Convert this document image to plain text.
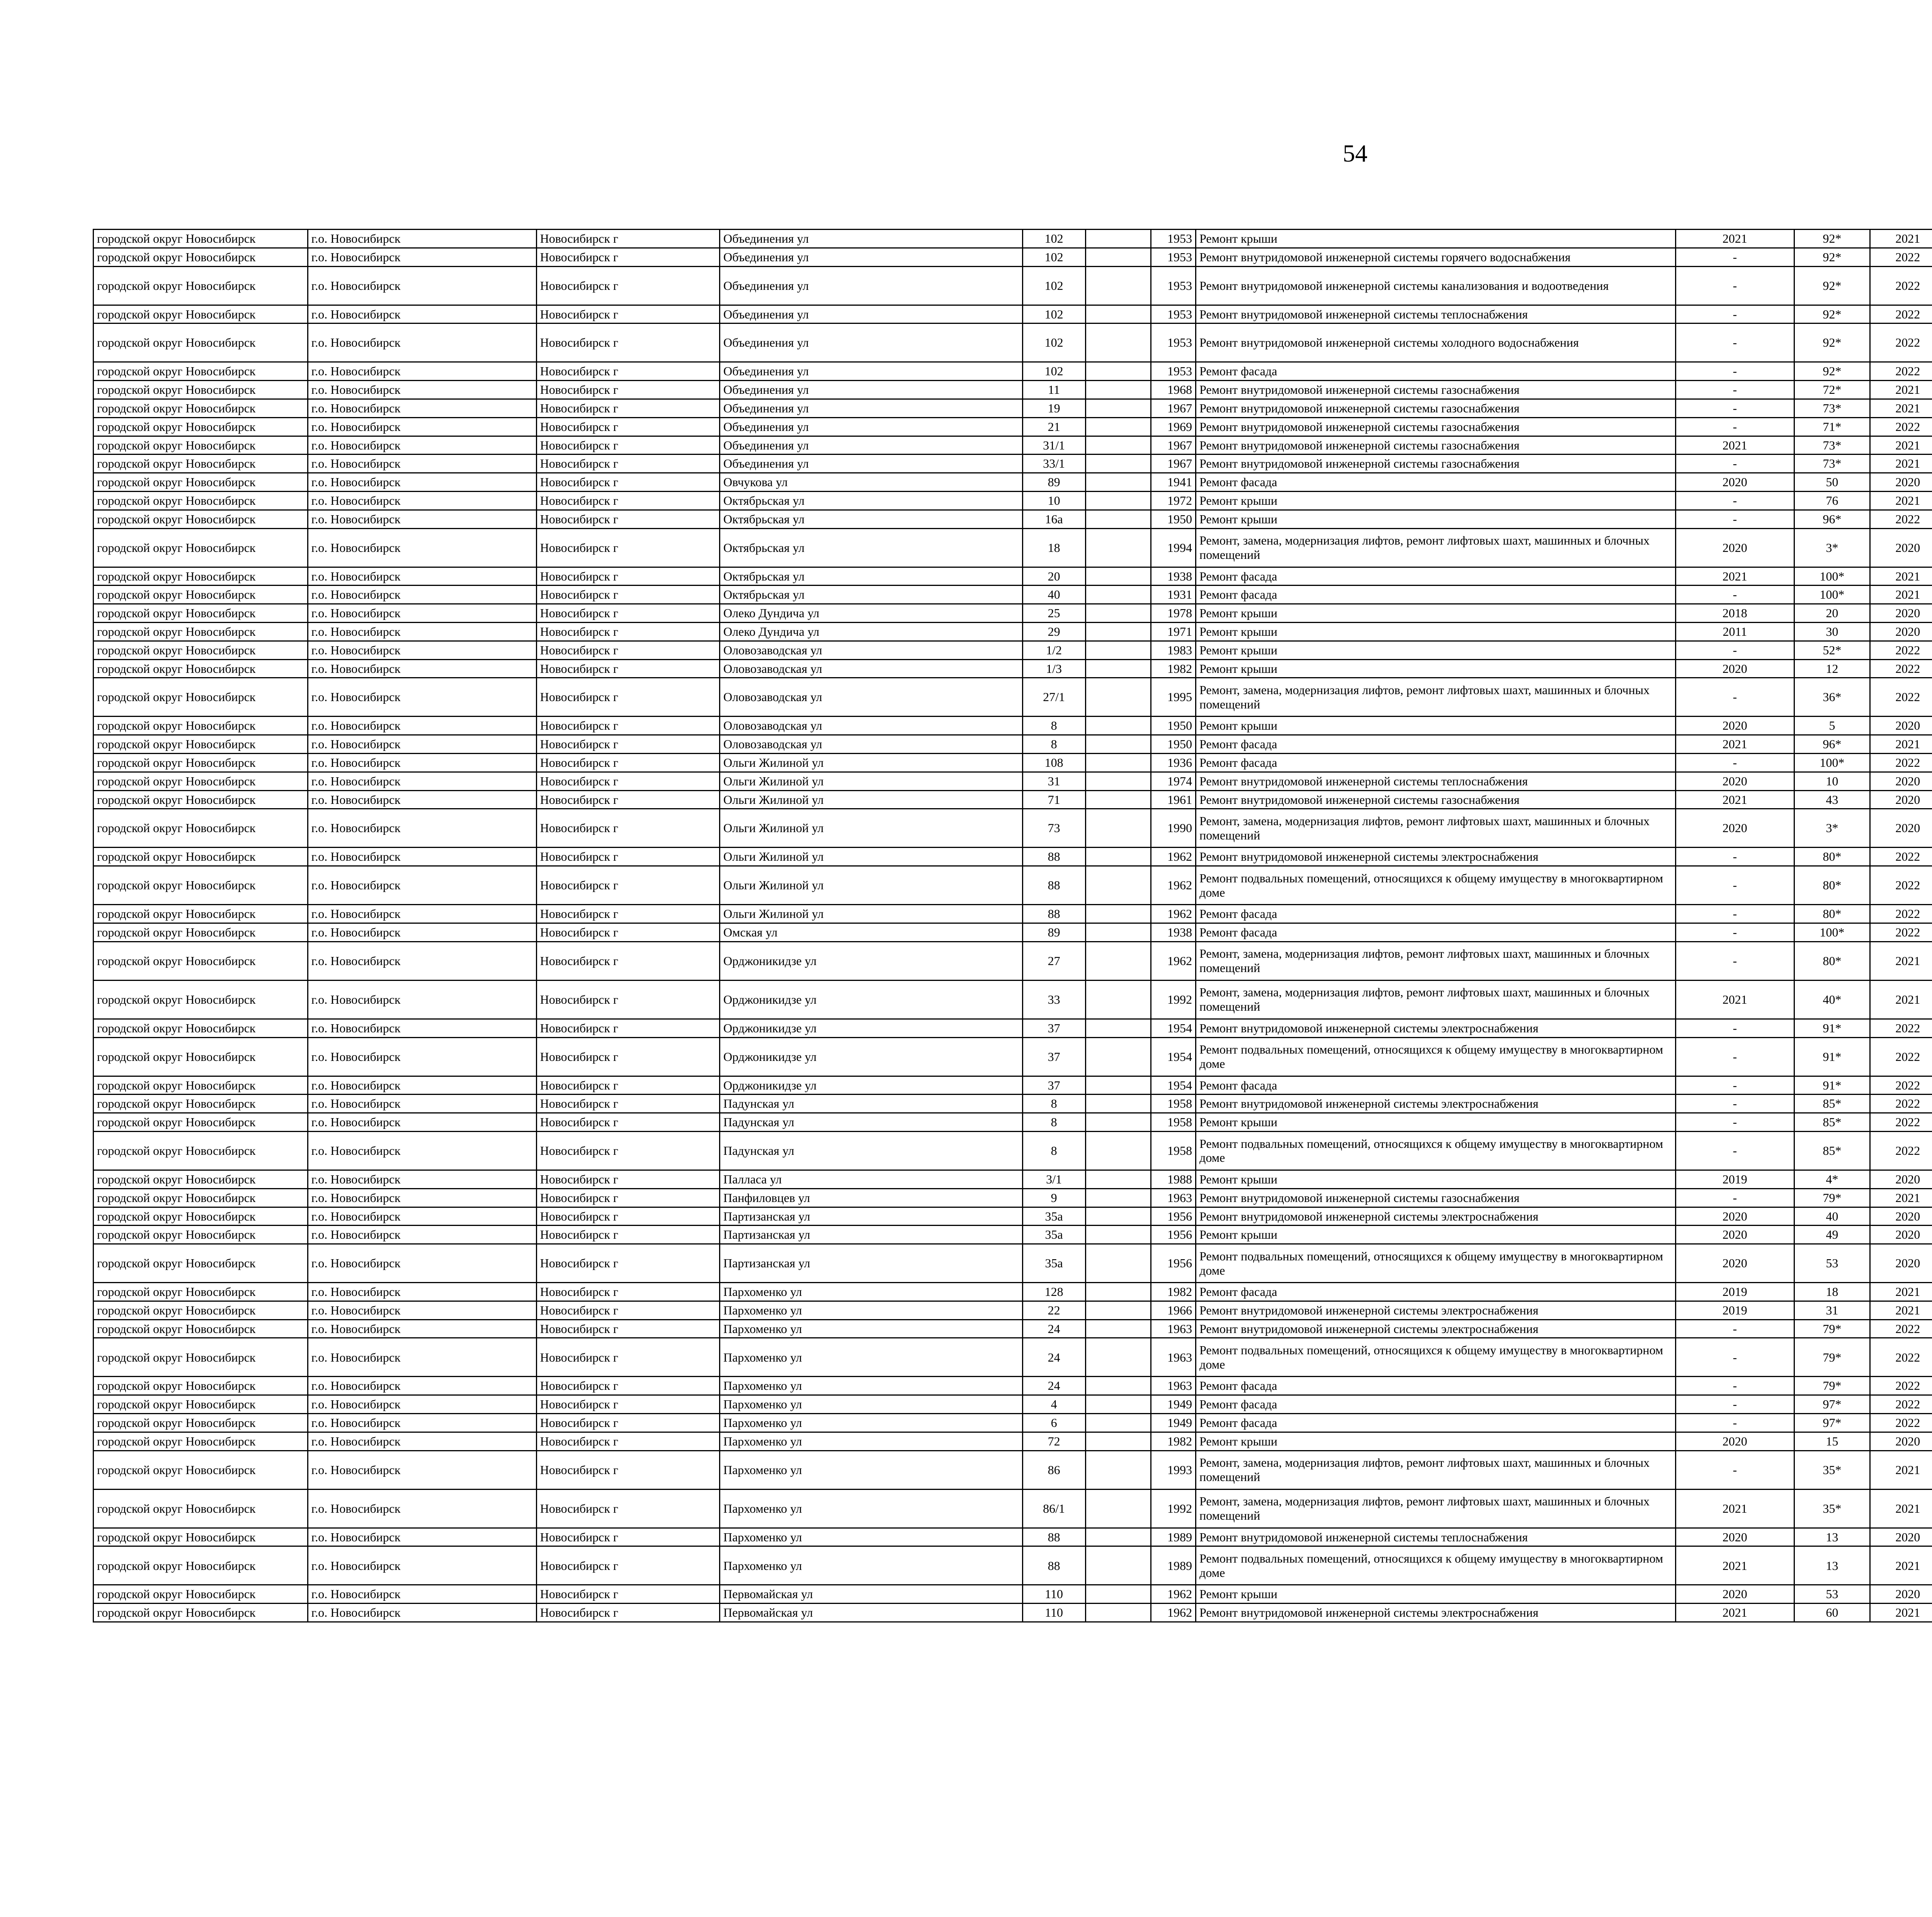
54
городской округ Новосибирск	г.о. Новосибирск	Новосибирск г	Объединения ул	102		1953	Ремонт крыши	2021	92*	2021							
городской округ Новосибирск	г.о. Новосибирск	Новосибирск г	Объединения ул	102		1953	Ремонт внутридомовой инженерной системы горячего водоснабжения	-	92*	2022							
городской округ Новосибирск	г.о. Новосибирск	Новосибирск г	Объединения ул	102		1953	Ремонт внутридомовой инженерной системы канализования и водоотведения	-	92*	2022							
городской округ Новосибирск	г.о. Новосибирск	Новосибирск г	Объединения ул	102		1953	Ремонт внутридомовой инженерной системы теплоснабжения	-	92*	2022							
городской округ Новосибирск	г.о. Новосибирск	Новосибирск г	Объединения ул	102		1953	Ремонт внутридомовой инженерной системы холодного водоснабжения	-	92*	2022							
городской округ Новосибирск	г.о. Новосибирск	Новосибирск г	Объединения ул	102		1953	Ремонт фасада	-	92*	2022							
городской округ Новосибирск	г.о. Новосибирск	Новосибирск г	Объединения ул	11		1968	Ремонт внутридомовой инженерной системы газоснабжения	-	72*	2021							
городской округ Новосибирск	г.о. Новосибирск	Новосибирск г	Объединения ул	19		1967	Ремонт внутридомовой инженерной системы газоснабжения	-	73*	2021							
городской округ Новосибирск	г.о. Новосибирск	Новосибирск г	Объединения ул	21		1969	Ремонт внутридомовой инженерной системы газоснабжения	-	71*	2022							
городской округ Новосибирск	г.о. Новосибирск	Новосибирск г	Объединения ул	31/1		1967	Ремонт внутридомовой инженерной системы газоснабжения	2021	73*	2021							
городской округ Новосибирск	г.о. Новосибирск	Новосибирск г	Объединения ул	33/1		1967	Ремонт внутридомовой инженерной системы газоснабжения	-	73*	2021							
городской округ Новосибирск	г.о. Новосибирск	Новосибирск г	Овчукова ул	89		1941	Ремонт фасада	2020	50	2020							
городской округ Новосибирск	г.о. Новосибирск	Новосибирск г	Октябрьская ул	10		1972	Ремонт крыши	-	76	2021							
городской округ Новосибирск	г.о. Новосибирск	Новосибирск г	Октябрьская ул	16а		1950	Ремонт крыши	-	96*	2022							
городской округ Новосибирск	г.о. Новосибирск	Новосибирск г	Октябрьская ул	18		1994	Ремонт, замена, модернизация лифтов, ремонт лифтовых шахт, машинных и блочных помещений	2020	3*	2020							
городской округ Новосибирск	г.о. Новосибирск	Новосибирск г	Октябрьская ул	20		1938	Ремонт фасада	2021	100*	2021							
городской округ Новосибирск	г.о. Новосибирск	Новосибирск г	Октябрьская ул	40		1931	Ремонт фасада	-	100*	2021							
городской округ Новосибирск	г.о. Новосибирск	Новосибирск г	Олеко Дундича ул	25		1978	Ремонт крыши	2018	20	2020							
городской округ Новосибирск	г.о. Новосибирск	Новосибирск г	Олеко Дундича ул	29		1971	Ремонт крыши	2011	30	2020							
городской округ Новосибирск	г.о. Новосибирск	Новосибирск г	Оловозаводская ул	1/2		1983	Ремонт крыши	-	52*	2022							
городской округ Новосибирск	г.о. Новосибирск	Новосибирск г	Оловозаводская ул	1/3		1982	Ремонт крыши	2020	12	2022							
городской округ Новосибирск	г.о. Новосибирск	Новосибирск г	Оловозаводская ул	27/1		1995	Ремонт, замена, модернизация лифтов, ремонт лифтовых шахт, машинных и блочных помещений	-	36*	2022							
городской округ Новосибирск	г.о. Новосибирск	Новосибирск г	Оловозаводская ул	8		1950	Ремонт крыши	2020	5	2020							
городской округ Новосибирск	г.о. Новосибирск	Новосибирск г	Оловозаводская ул	8		1950	Ремонт фасада	2021	96*	2021							
городской округ Новосибирск	г.о. Новосибирск	Новосибирск г	Ольги Жилиной ул	108		1936	Ремонт фасада	-	100*	2022							
городской округ Новосибирск	г.о. Новосибирск	Новосибирск г	Ольги Жилиной ул	31		1974	Ремонт внутридомовой инженерной системы теплоснабжения	2020	10	2020							
городской округ Новосибирск	г.о. Новосибирск	Новосибирск г	Ольги Жилиной ул	71		1961	Ремонт внутридомовой инженерной системы газоснабжения	2021	43	2020							
городской округ Новосибирск	г.о. Новосибирск	Новосибирск г	Ольги Жилиной ул	73		1990	Ремонт, замена, модернизация лифтов, ремонт лифтовых шахт, машинных и блочных помещений	2020	3*	2020							
городской округ Новосибирск	г.о. Новосибирск	Новосибирск г	Ольги Жилиной ул	88		1962	Ремонт внутридомовой инженерной системы электроснабжения	-	80*	2022							
городской округ Новосибирск	г.о. Новосибирск	Новосибирск г	Ольги Жилиной ул	88		1962	Ремонт подвальных помещений, относящихся к общему имуществу в многоквартирном доме	-	80*	2022							
городской округ Новосибирск	г.о. Новосибирск	Новосибирск г	Ольги Жилиной ул	88		1962	Ремонт фасада	-	80*	2022							
городской округ Новосибирск	г.о. Новосибирск	Новосибирск г	Омская ул	89		1938	Ремонт фасада	-	100*	2022							
городской округ Новосибирск	г.о. Новосибирск	Новосибирск г	Орджоникидзе ул	27		1962	Ремонт, замена, модернизация лифтов, ремонт лифтовых шахт, машинных и блочных помещений	-	80*	2021							
городской округ Новосибирск	г.о. Новосибирск	Новосибирск г	Орджоникидзе ул	33		1992	Ремонт, замена, модернизация лифтов, ремонт лифтовых шахт, машинных и блочных помещений	2021	40*	2021							
городской округ Новосибирск	г.о. Новосибирск	Новосибирск г	Орджоникидзе ул	37		1954	Ремонт внутридомовой инженерной системы электроснабжения	-	91*	2022							
городской округ Новосибирск	г.о. Новосибирск	Новосибирск г	Орджоникидзе ул	37		1954	Ремонт подвальных помещений, относящихся к общему имуществу в многоквартирном доме	-	91*	2022							
городской округ Новосибирск	г.о. Новосибирск	Новосибирск г	Орджоникидзе ул	37		1954	Ремонт фасада	-	91*	2022							
городской округ Новосибирск	г.о. Новосибирск	Новосибирск г	Падунская ул	8		1958	Ремонт внутридомовой инженерной системы электроснабжения	-	85*	2022							
городской округ Новосибирск	г.о. Новосибирск	Новосибирск г	Падунская ул	8		1958	Ремонт крыши	-	85*	2022							
городской округ Новосибирск	г.о. Новосибирск	Новосибирск г	Падунская ул	8		1958	Ремонт подвальных помещений, относящихся к общему имуществу в многоквартирном доме	-	85*	2022							
городской округ Новосибирск	г.о. Новосибирск	Новосибирск г	Палласа ул	3/1		1988	Ремонт крыши	2019	4*	2020							
городской округ Новосибирск	г.о. Новосибирск	Новосибирск г	Панфиловцев ул	9		1963	Ремонт внутридомовой инженерной системы газоснабжения	-	79*	2021							
городской округ Новосибирск	г.о. Новосибирск	Новосибирск г	Партизанская ул	35а		1956	Ремонт внутридомовой инженерной системы электроснабжения	2020	40	2020							
городской округ Новосибирск	г.о. Новосибирск	Новосибирск г	Партизанская ул	35а		1956	Ремонт крыши	2020	49	2020							
городской округ Новосибирск	г.о. Новосибирск	Новосибирск г	Партизанская ул	35а		1956	Ремонт подвальных помещений, относящихся к общему имуществу в многоквартирном доме	2020	53	2020							
городской округ Новосибирск	г.о. Новосибирск	Новосибирск г	Пархоменко ул	128		1982	Ремонт фасада	2019	18	2021							
городской округ Новосибирск	г.о. Новосибирск	Новосибирск г	Пархоменко ул	22		1966	Ремонт внутридомовой инженерной системы электроснабжения	2019	31	2021							
городской округ Новосибирск	г.о. Новосибирск	Новосибирск г	Пархоменко ул	24		1963	Ремонт внутридомовой инженерной системы электроснабжения	-	79*	2022							
городской округ Новосибирск	г.о. Новосибирск	Новосибирск г	Пархоменко ул	24		1963	Ремонт подвальных помещений, относящихся к общему имуществу в многоквартирном доме	-	79*	2022							
городской округ Новосибирск	г.о. Новосибирск	Новосибирск г	Пархоменко ул	24		1963	Ремонт фасада	-	79*	2022							
городской округ Новосибирск	г.о. Новосибирск	Новосибирск г	Пархоменко ул	4		1949	Ремонт фасада	-	97*	2022							
городской округ Новосибирск	г.о. Новосибирск	Новосибирск г	Пархоменко ул	6		1949	Ремонт фасада	-	97*	2022							
городской округ Новосибирск	г.о. Новосибирск	Новосибирск г	Пархоменко ул	72		1982	Ремонт крыши	2020	15	2020							
городской округ Новосибирск	г.о. Новосибирск	Новосибирск г	Пархоменко ул	86		1993	Ремонт, замена, модернизация лифтов, ремонт лифтовых шахт, машинных и блочных помещений	-	35*	2021							
городской округ Новосибирск	г.о. Новосибирск	Новосибирск г	Пархоменко ул	86/1		1992	Ремонт, замена, модернизация лифтов, ремонт лифтовых шахт, машинных и блочных помещений	2021	35*	2021							
городской округ Новосибирск	г.о. Новосибирск	Новосибирск г	Пархоменко ул	88		1989	Ремонт внутридомовой инженерной системы теплоснабжения	2020	13	2020							
городской округ Новосибирск	г.о. Новосибирск	Новосибирск г	Пархоменко ул	88		1989	Ремонт подвальных помещений, относящихся к общему имуществу в многоквартирном доме	2021	13	2021							
городской округ Новосибирск	г.о. Новосибирск	Новосибирск г	Первомайская ул	110		1962	Ремонт крыши	2020	53	2020							
городской округ Новосибирск	г.о. Новосибирск	Новосибирск г	Первомайская ул	110		1962	Ремонт внутридомовой инженерной системы электроснабжения	2021	60	2021							
